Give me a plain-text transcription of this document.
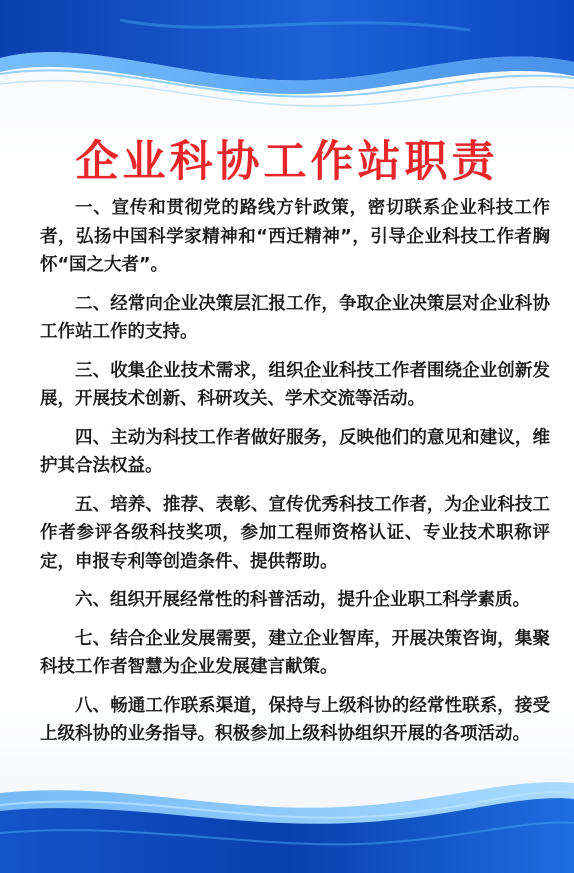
企业科协工作站职责

一、宣传和贯彻党的路线方针政策，密切联系企业科技工作者，弘扬中国科学家精神和“西迁精神”，引导企业科技工作者胸怀“国之大者”。

二、经常向企业决策层汇报工作，争取企业决策层对企业科协工作站工作的支持。

三、收集企业技术需求，组织企业科技工作者围绕企业创新发展，开展技术创新、科研攻关、学术交流等活动。

四、主动为科技工作者做好服务，反映他们的意见和建议，维护其合法权益。

五、培养、推荐、表彰、宣传优秀科技工作者，为企业科技工作者参评各级科技奖项，参加工程师资格认证、专业技术职称评定，申报专利等创造条件、提供帮助。

六、组织开展经常性的科普活动，提升企业职工科学素质。

七、结合企业发展需要，建立企业智库，开展决策咨询，集聚科技工作者智慧为企业发展建言献策。

八、畅通工作联系渠道，保持与上级科协的经常性联系，接受上级科协的业务指导。积极参加上级科协组织开展的各项活动。
